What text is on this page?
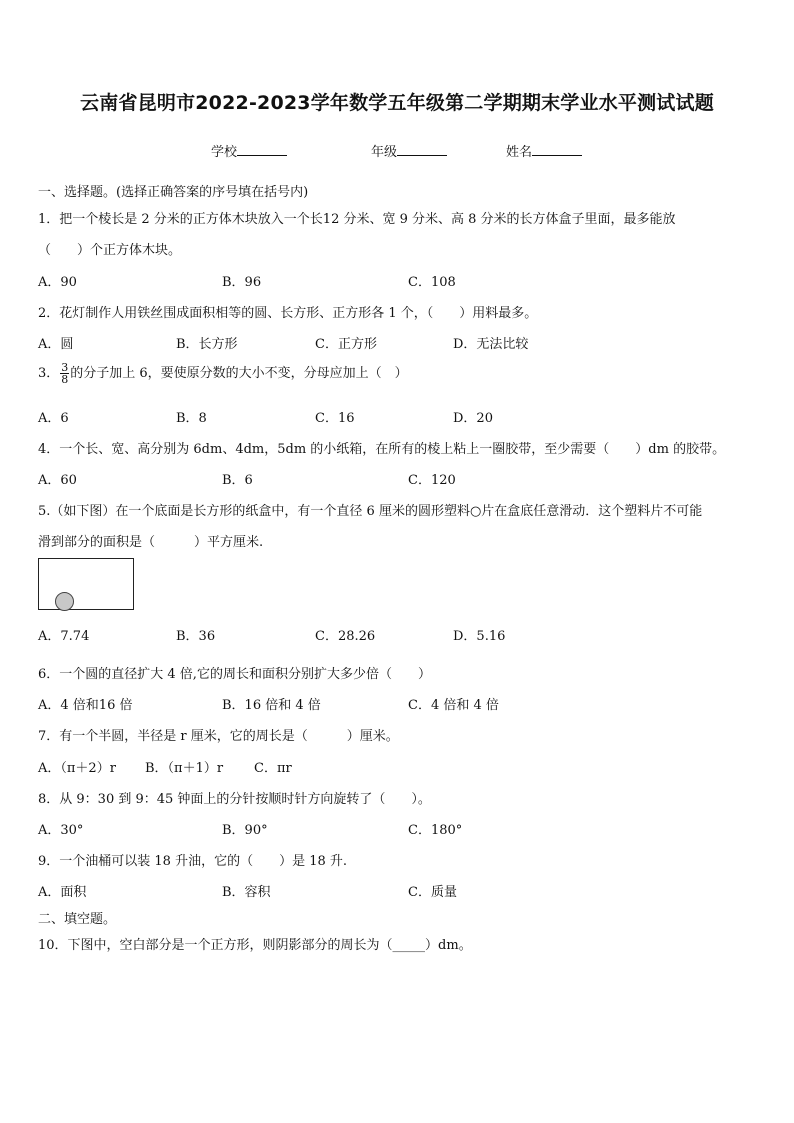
云南省昆明市2022-2023学年数学五年级第二学期期末学业水平测试试题
学校	年级	姓名
一、选择题。(选择正确答案的序号填在括号内)
1．把一个棱长是 2 分米的正方体木块放入一个长12 分米、宽 9 分米、高 8 分米的长方体盒子里面，最多能放
（　　）个正方体木块。
A．90	B．96	C．108
2．花灯制作人用铁丝围成面积相等的圆、长方形、正方形各 1 个，（　　）用料最多。
A．圆	B．长方形	C．正方形	D．无法比较
3． $\frac{3}{8}$ 的分子加上 6，要使原分数的大小不变，分母应加上（　）
A．6	B．8	C．16	D．20
4．一个长、宽、高分别为 6dm、4dm，5dm 的小纸箱，在所有的棱上粘上一圈胶带，至少需要（　　）dm 的胶带。
A．60	B．6	C．120
5.（如下图）在一个底面是长方形的纸盒中，有一个直径 6 厘米的圆形塑料○片在盒底任意滑动．这个塑料片不可能
滑到部分的面积是（　　　）平方厘米.
A．7.74	B．36	C．28.26	D．5.16
6．一个圆的直径扩大 4 倍,它的周长和面积分别扩大多少倍（　　）
A．4 倍和16 倍	B．16 倍和 4 倍	C．4 倍和 4 倍
7．有一个半圆，半径是 r 厘米，它的周长是（　　　）厘米。
A．（π＋2）r B．（π＋1）r C．πr
8．从 9：30 到 9：45 钟面上的分针按顺时针方向旋转了（　　）。
A．30°	B．90°	C．180°
9．一个油桶可以装 18 升油，它的（　　）是 18 升.
A．面积	B．容积	C．质量
二、填空题。
10．下图中，空白部分是一个正方形，则阴影部分的周长为（_____）dm。
